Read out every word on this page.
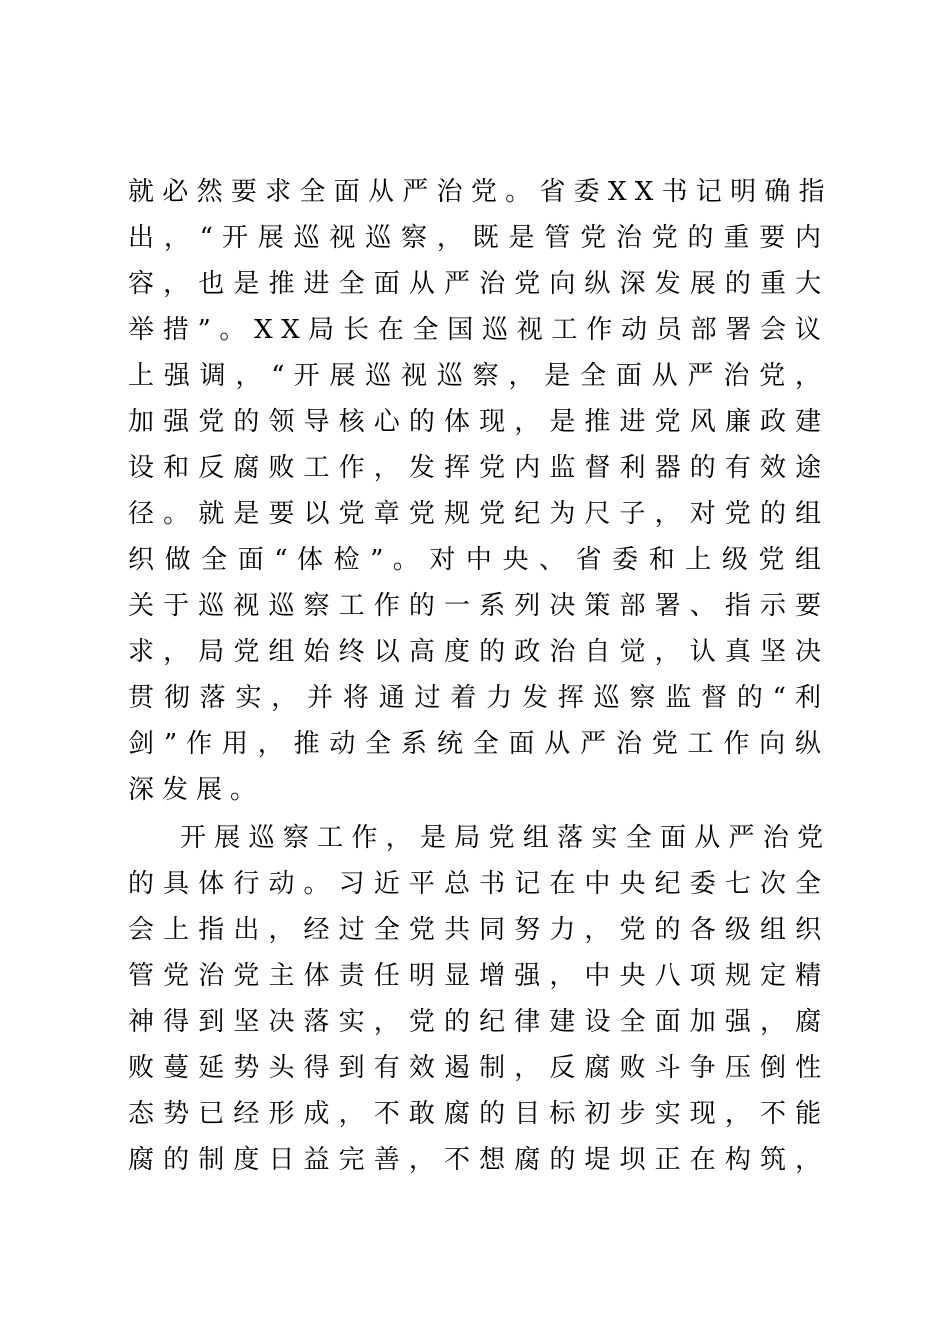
就 必 然 要 求 全 面 从 严 治 党 。 省 委 X X 书 记 明 确 指
出 ， “ 开 展 巡 视 巡 察 ， 既 是 管 党 治 党 的 重 要 内
容 ， 也 是 推 进 全 面 从 严 治 党 向 纵 深 发 展 的 重 大
举 措 ” 。 X X 局 长 在 全 国 巡 视 工 作 动 员 部 署 会 议
上 强 调 ， “ 开 展 巡 视 巡 察 ， 是 全 面 从 严 治 党 ，
加 强 党 的 领 导 核 心 的 体 现 ， 是 推 进 党 风 廉 政 建
设 和 反 腐 败 工 作 ， 发 挥 党 内 监 督 利 器 的 有 效 途
径 。 就 是 要 以 党 章 党 规 党 纪 为 尺 子 ， 对 党 的 组
织 做 全 面 “ 体 检 ” 。 对 中 央 、 省 委 和 上 级 党 组
关 于 巡 视 巡 察 工 作 的 一 系 列 决 策 部 署 、 指 示 要
求 ， 局 党 组 始 终 以 高 度 的 政 治 自 觉 ， 认 真 坚 决
贯 彻 落 实 ， 并 将 通 过 着 力 发 挥 巡 察 监 督 的 “ 利
剑 ” 作 用 ， 推 动 全 系 统 全 面 从 严 治 党 工 作 向 纵
深发展。
开 展 巡 察 工 作 ， 是 局 党 组 落 实 全 面 从 严 治 党
的 具 体 行 动 。 习 近 平 总 书 记 在 中 央 纪 委 七 次 全
会 上 指 出 ， 经 过 全 党 共 同 努 力 ， 党 的 各 级 组 织
管 党 治 党 主 体 责 任 明 显 增 强 ， 中 央 八 项 规 定 精
神 得 到 坚 决 落 实 ， 党 的 纪 律 建 设 全 面 加 强 ， 腐
败 蔓 延 势 头 得 到 有 效 遏 制 ， 反 腐 败 斗 争 压 倒 性
态 势 已 经 形 成 ， 不 敢 腐 的 目 标 初 步 实 现 ， 不 能
腐 的 制 度 日 益 完 善 ， 不 想 腐 的 堤 坝 正 在 构 筑 ，
